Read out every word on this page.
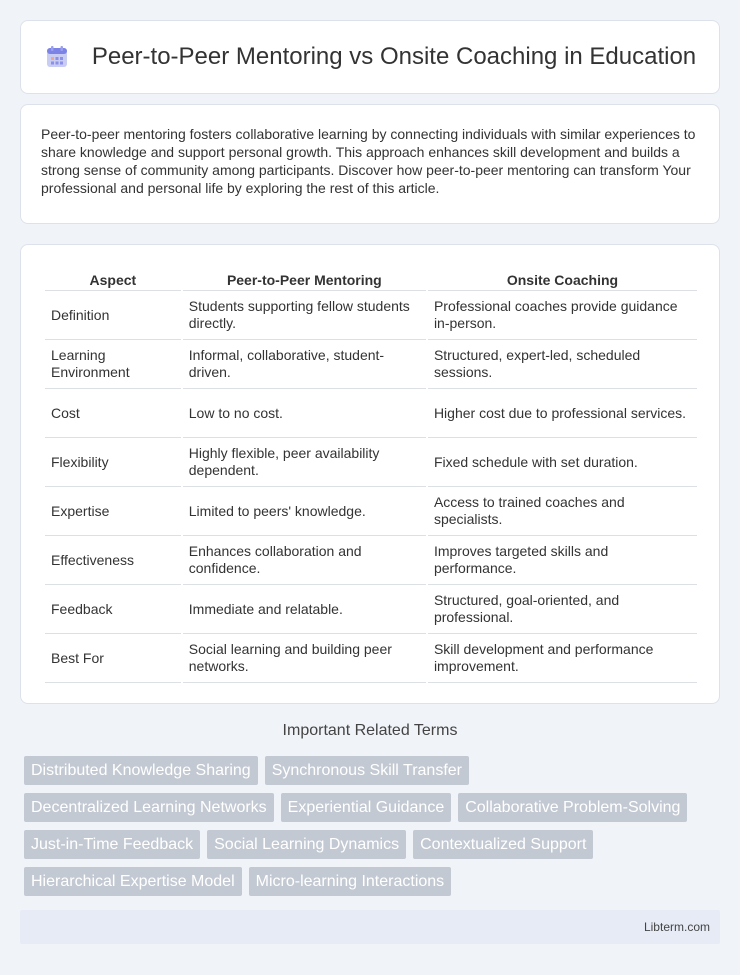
Peer-to-Peer Mentoring vs Onsite Coaching in Education

Peer-to-peer mentoring fosters collaborative learning by connecting individuals with similar experiences to share knowledge and support personal growth. This approach enhances skill development and builds a strong sense of community among participants. Discover how peer-to-peer mentoring can transform Your professional and personal life by exploring the rest of this article.

Aspect	Peer-to-Peer Mentoring	Onsite Coaching
Definition	Students supporting fellow students directly.	Professional coaches provide guidance in-person.
Learning Environment	Informal, collaborative, student-driven.	Structured, expert-led, scheduled sessions.
Cost	Low to no cost.	Higher cost due to professional services.
Flexibility	Highly flexible, peer availability dependent.	Fixed schedule with set duration.
Expertise	Limited to peers' knowledge.	Access to trained coaches and specialists.
Effectiveness	Enhances collaboration and confidence.	Improves targeted skills and performance.
Feedback	Immediate and relatable.	Structured, goal-oriented, and professional.
Best For	Social learning and building peer networks.	Skill development and performance improvement.
Important Related Terms
Distributed Knowledge Sharing	Synchronous Skill Transfer
Decentralized Learning Networks	Experiential Guidance	Collaborative Problem-Solving
Just-in-Time Feedback	Social Learning Dynamics	Contextualized Support
Hierarchical Expertise Model	Micro-learning Interactions
Libterm.com
